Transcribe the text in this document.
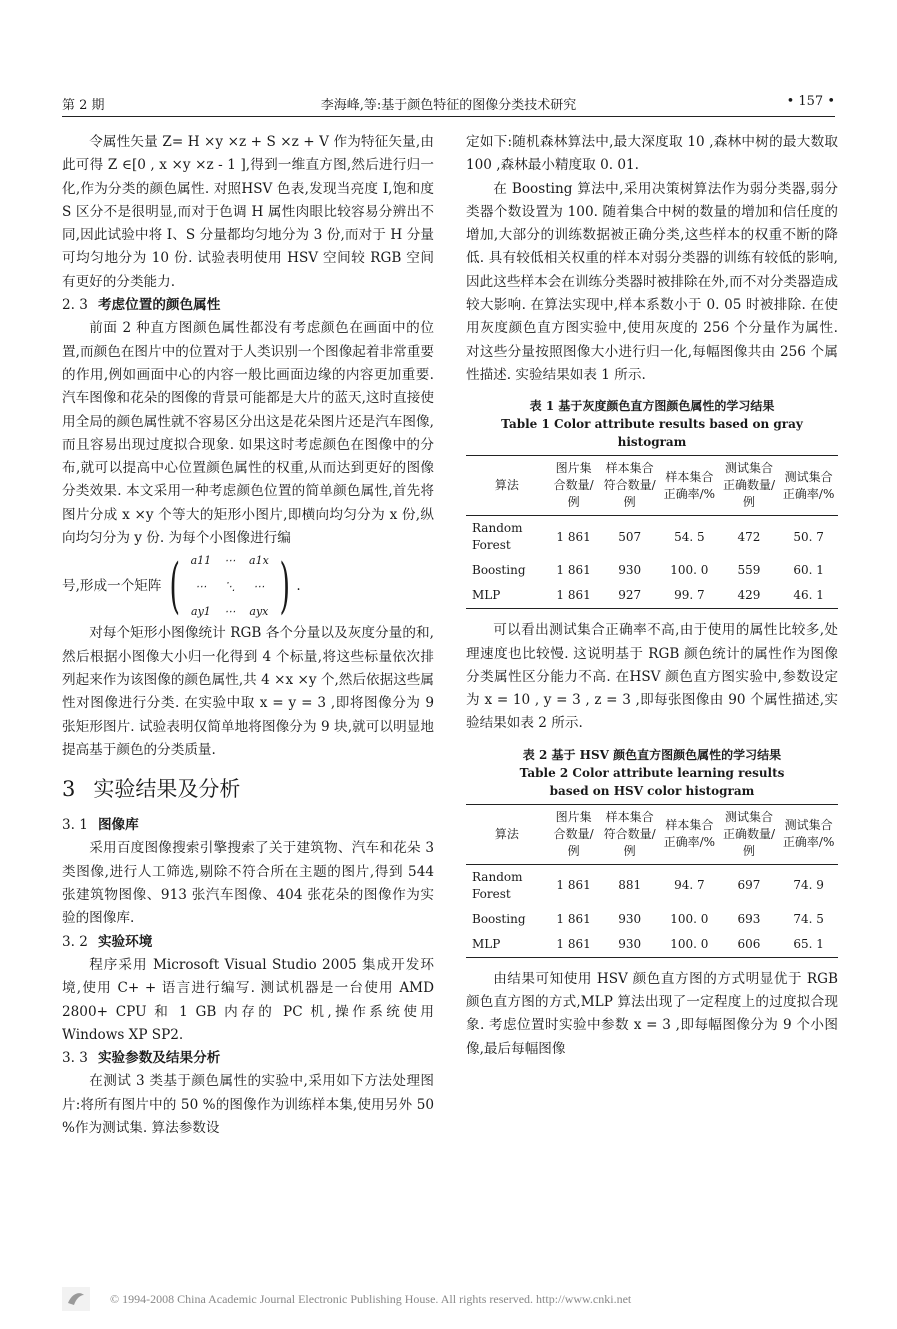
第 2 期	李海峰,等:基于颜色特征的图像分类技术研究	• 157 •

令属性矢量 Z= H ×y ×z + S ×z + V 作为特征矢量,由此可得 Z ∈[0 , x ×y ×z - 1 ],得到一维直方图,然后进行归一化,作为分类的颜色属性. 对照HSV 色表,发现当亮度 I,饱和度 S 区分不是很明显,而对于色调 H 属性肉眼比较容易分辨出不同,因此试验中将 I、S 分量都均匀地分为 3 份,而对于 H 分量可均匀地分为 10 份. 试验表明使用 HSV 空间较 RGB 空间有更好的分类能力.

2. 3 考虑位置的颜色属性

前面 2 种直方图颜色属性都没有考虑颜色在画面中的位置,而颜色在图片中的位置对于人类识别一个图像起着非常重要的作用,例如画面中心的内容一般比画面边缘的内容更加重要. 汽车图像和花朵的图像的背景可能都是大片的蓝天,这时直接使用全局的颜色属性就不容易区分出这是花朵图片还是汽车图像,而且容易出现过度拟合现象. 如果这时考虑颜色在图像中的分布,就可以提高中心位置颜色属性的权重,从而达到更好的图像分类效果. 本文采用一种考虑颜色位置的简单颜色属性,首先将图片分成 x ×y 个等大的矩形小图片,即横向均匀分为 x 份,纵向均匀分为 y 份. 为每个小图像进行编

号,形成一个矩阵 ( a11	⋯	a1x
⋯	⋱	⋯
ay1	⋯	ayx ) .

对每个矩形小图像统计 RGB 各个分量以及灰度分量的和,然后根据小图像大小归一化得到 4 个标量,将这些标量依次排列起来作为该图像的颜色属性,共 4 ×x ×y 个,然后依据这些属性对图像进行分类. 在实验中取 x = y = 3 ,即将图像分为 9 张矩形图片. 试验表明仅简单地将图像分为 9 块,就可以明显地提高基于颜色的分类质量.

3 实验结果及分析
3. 1 图像库

采用百度图像搜索引擎搜索了关于建筑物、汽车和花朵 3 类图像,进行人工筛选,剔除不符合所在主题的图片,得到 544 张建筑物图像、913 张汽车图像、404 张花朵的图像作为实验的图像库.

3. 2 实验环境

程序采用 Microsoft Visual Studio 2005 集成开发环境,使用 C+ + 语言进行编写. 测试机器是一台使用 AMD 2800+ CPU 和 1 GB 内存的 PC 机,操作系统使用 Windows XP SP2.

3. 3 实验参数及结果分析

在测试 3 类基于颜色属性的实验中,采用如下方法处理图片:将所有图片中的 50 %的图像作为训练样本集,使用另外 50 %作为测试集. 算法参数设

定如下:随机森林算法中,最大深度取 10 ,森林中树的最大数取 100 ,森林最小精度取 0. 01.

在 Boosting 算法中,采用决策树算法作为弱分类器,弱分类器个数设置为 100. 随着集合中树的数量的增加和信任度的增加,大部分的训练数据被正确分类,这些样本的权重不断的降低. 具有较低相关权重的样本对弱分类器的训练有较低的影响,因此这些样本会在训练分类器时被排除在外,而不对分类器造成较大影响. 在算法实现中,样本系数小于 0. 05 时被排除. 在使用灰度颜色直方图实验中,使用灰度的 256 个分量作为属性. 对这些分量按照图像大小进行归一化,每幅图像共由 256 个属性描述. 实验结果如表 1 所示.

表 1 基于灰度颜色直方图颜色属性的学习结果
Table 1 Color attribute results based on gray histogram
算法	图片集合数量/例	样本集合符合数量/例	样本集合正确率/%	测试集合正确数量/例	测试集合正确率/%
Random Forest	1 861	507	54. 5	472	50. 7
Boosting	1 861	930	100. 0	559	60. 1
MLP	1 861	927	99. 7	429	46. 1

可以看出测试集合正确率不高,由于使用的属性比较多,处理速度也比较慢. 这说明基于 RGB 颜色统计的属性作为图像分类属性区分能力不高. 在HSV 颜色直方图实验中,参数设定为 x = 10 , y = 3 , z = 3 ,即每张图像由 90 个属性描述,实验结果如表 2 所示.

表 2 基于 HSV 颜色直方图颜色属性的学习结果
Table 2 Color attribute learning results
based on HSV color histogram
算法	图片集合数量/例	样本集合符合数量/例	样本集合正确率/%	测试集合正确数量/例	测试集合正确率/%
Random Forest	1 861	881	94. 7	697	74. 9
Boosting	1 861	930	100. 0	693	74. 5
MLP	1 861	930	100. 0	606	65. 1

由结果可知使用 HSV 颜色直方图的方式明显优于 RGB 颜色直方图的方式,MLP 算法出现了一定程度上的过度拟合现象. 考虑位置时实验中参数 x = 3 ,即每幅图像分为 9 个小图像,最后每幅图像

© 1994-2008 China Academic Journal Electronic Publishing House. All rights reserved. http://www.cnki.net
